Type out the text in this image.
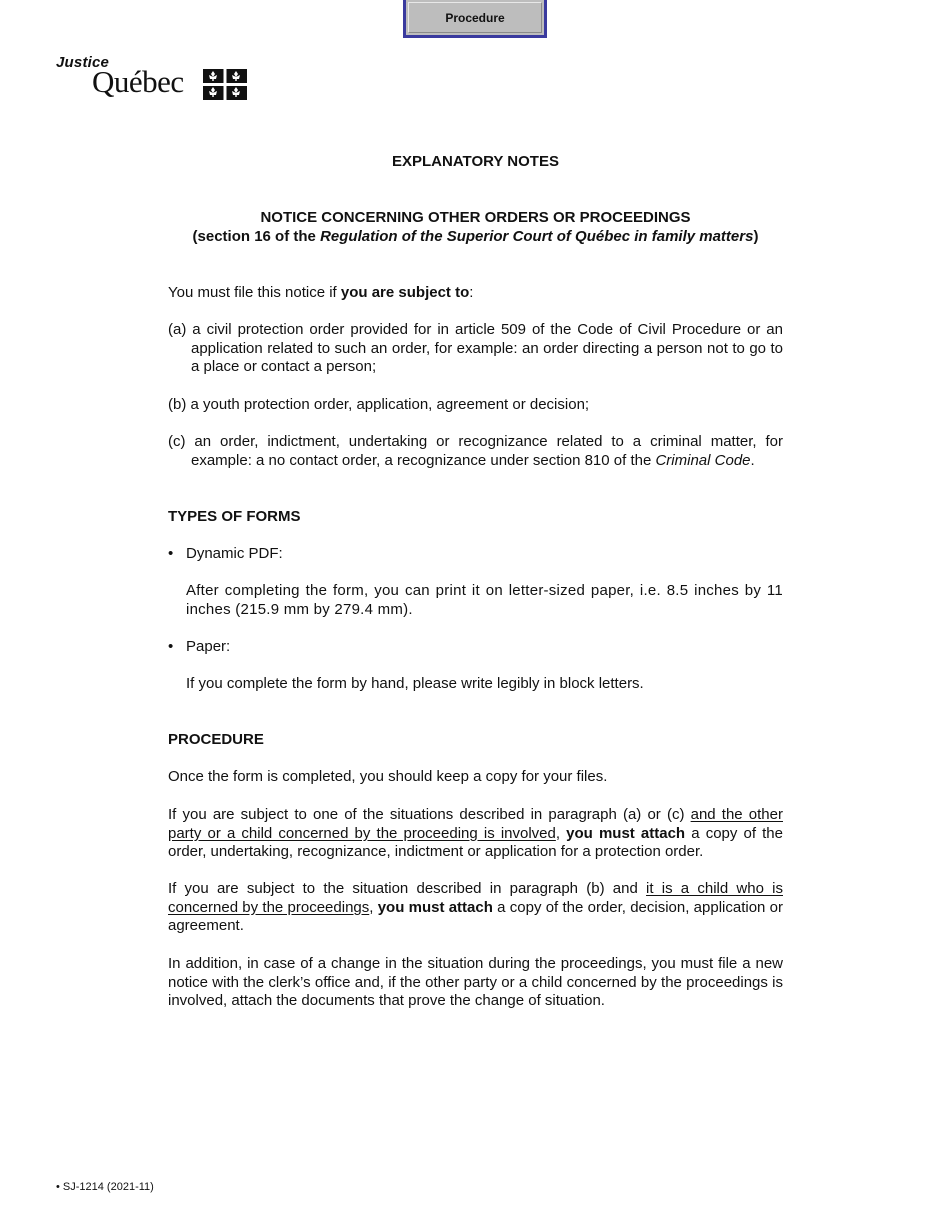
Procedure
Justice
Québec
EXPLANATORY NOTES
NOTICE CONCERNING OTHER ORDERS OR PROCEEDINGS
(section 16 of the Regulation of the Superior Court of Québec in family matters)
You must file this notice if you are subject to:
(a) a civil protection order provided for in article 509 of the Code of Civil Procedure or an application related to such an order, for example: an order directing a person not to go to a place or contact a person;
(b) a youth protection order, application, agreement or decision;
(c) an order, indictment, undertaking or recognizance related to a criminal matter, for example: a no contact order, a recognizance under section 810 of the Criminal Code.
TYPES OF FORMS
• Dynamic PDF:
After completing the form, you can print it on letter-sized paper, i.e. 8.5 inches by 11 inches (215.9 mm by 279.4 mm).
• Paper:
If you complete the form by hand, please write legibly in block letters.
PROCEDURE
Once the form is completed, you should keep a copy for your files.
If you are subject to one of the situations described in paragraph (a) or (c) and the other party or a child concerned by the proceeding is involved, you must attach a copy of the order, undertaking, recognizance, indictment or application for a protection order.
If you are subject to the situation described in paragraph (b) and it is a child who is concerned by the proceedings, you must attach a copy of the order, decision, application or agreement.
In addition, in case of a change in the situation during the proceedings, you must file a new notice with the clerk’s office and, if the other party or a child concerned by the proceedings is involved, attach the documents that prove the change of situation.
• SJ-1214 (2021-11)
